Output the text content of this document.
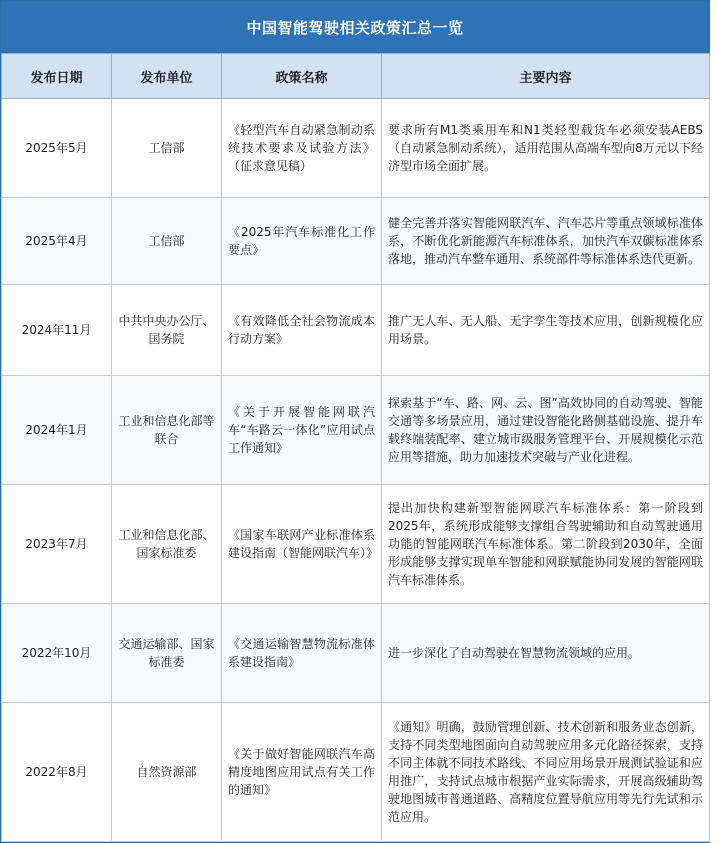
中国智能驾驶相关政策汇总一览
发布日期	发布单位	政策名称	主要内容
2025年5月	工信部	《轻型汽车自动紧急制动系统技术要求及试验方法》（征求意见稿）	要求所有M1类乘用车和N1类轻型载货车必须安装AEBS（自动紧急制动系统），适用范围从高端车型向8万元以下经济型市场全面扩展。
2025年4月	工信部	《2025年汽车标准化工作要点》	健全完善并落实智能网联汽车、汽车芯片等重点领域标准体系，不断优化新能源汽车标准体系，加快汽车双碳标准体系落地，推动汽车整车通用、系统部件等标准体系迭代更新。
2024年11月	中共中央办公厅、国务院	《有效降低全社会物流成本行动方案》	推广无人车、无人船、无字孪生等技术应用，创新规模化应用场景。
2024年1月	工业和信息化部等联合	《关于开展智能网联汽车“车路云一体化”应用试点工作通知》	探索基于“车、路、网、云、图”高效协同的自动驾驶、智能交通等多场景应用，通过建设智能化路侧基础设施、提升车载终端装配率、建立城市级服务管理平台、开展规模化示范应用等措施，助力加速技术突破与产业化进程。
2023年7月	工业和信息化部、国家标准委	《国家车联网产业标准体系建设指南（智能网联汽车）》	提出加快构建新型智能网联汽车标准体系：第一阶段到2025年，系统形成能够支撑组合驾驶辅助和自动驾驶通用功能的智能网联汽车标准体系。第二阶段到2030年，全面形成能够支撑实现单车智能和网联赋能协同发展的智能网联汽车标准体系。
2022年10月	交通运输部、国家标准委	《交通运输智慧物流标准体系建设指南》	进一步深化了自动驾驶在智慧物流领域的应用。
2022年8月	自然资源部	《关于做好智能网联汽车高精度地图应用试点有关工作的通知》	《通知》明确，鼓励管理创新、技术创新和服务业态创新，支持不同类型地图面向自动驾驶应用多元化路径探索，支持不同主体就不同技术路线、不同应用场景开展测试验证和应用推广，支持试点城市根据产业实际需求，开展高级辅助驾驶地图城市普通道路、高精度位置导航应用等先行先试和示范应用。
